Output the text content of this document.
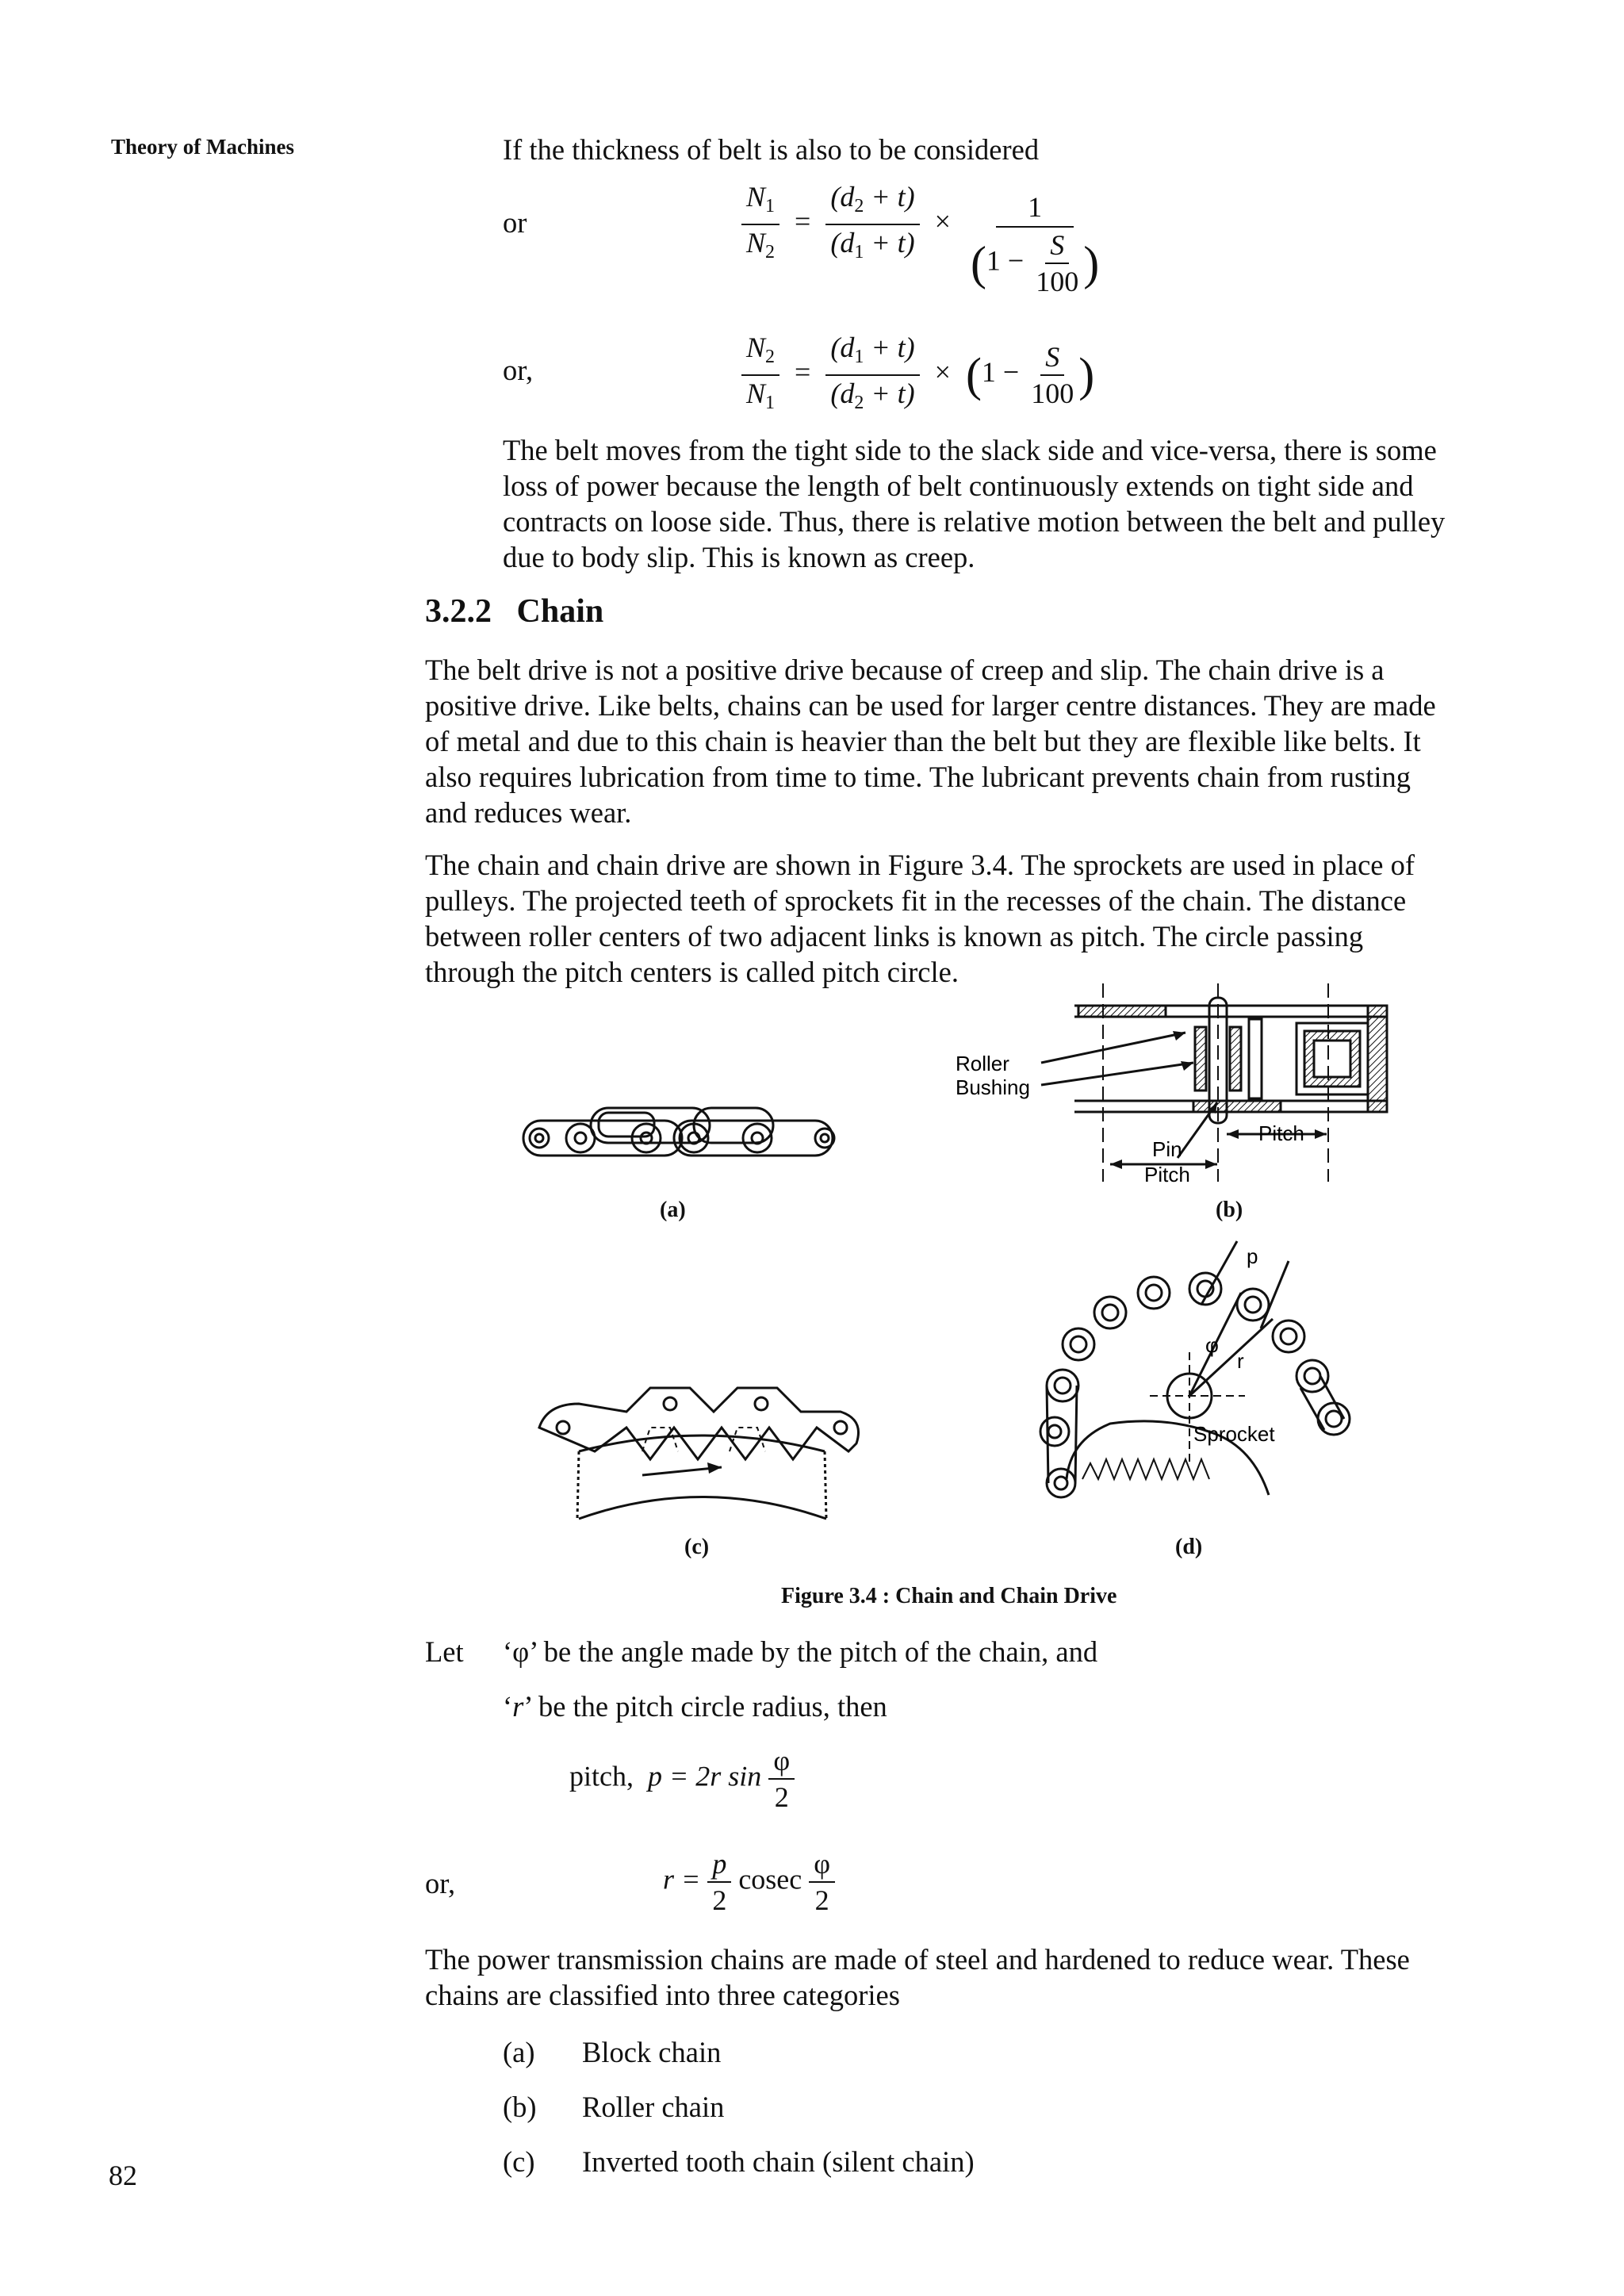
Theory of Machines
82
If the thickness of belt is also to be considered
or	$\frac{N_1}{N_2} = \frac{(d_2 + t)}{(d_1 + t)} \times \frac{1}{(1 - \frac{S}{100} )}$
or,	$\frac{N_2}{N_1} = \frac{(d_1 + t)}{(d_2 + t)} \times (1 - \frac{S}{100}$ )
The belt moves from the tight side to the slack side and vice-versa, there is some
loss of power because the length of belt continuously extends on tight side and
contracts on loose side. Thus, there is relative motion between the belt and pulley
due to body slip. This is known as creep.
3.2.2   Chain
The belt drive is not a positive drive because of creep and slip. The chain drive is a
positive drive. Like belts, chains can be used for larger centre distances. They are made
of metal and due to this chain is heavier than the belt but they are flexible like belts. It
also requires lubrication from time to time. The lubricant prevents chain from rusting
and reduces wear.
The chain and chain drive are shown in Figure 3.4. The sprockets are used in place of
pulleys. The projected teeth of sprockets fit in the recesses of the chain. The distance
between roller centers of two adjacent links is known as pitch. The circle passing
through the pitch centers is called pitch circle.
(a)
Roller
Bushing
Pin
Pitch
Pitch
(b)
(c)
p
φ
r
Sprocket
(d)
Figure 3.4 : Chain and Chain Drive
Let ‘φ’ be the angle made by the pitch of the chain, and
‘r’ be the pitch circle radius, then
pitch, p = 2r $\sin \frac{\varphi}{2}$
or,	$r = \frac{p}{2}$ cosec $\frac{\varphi}{2}$
The power transmission chains are made of steel and hardened to reduce wear. These
chains are classified into three categories
(a) Block chain
(b) Roller chain
(c) Inverted tooth chain (silent chain)
